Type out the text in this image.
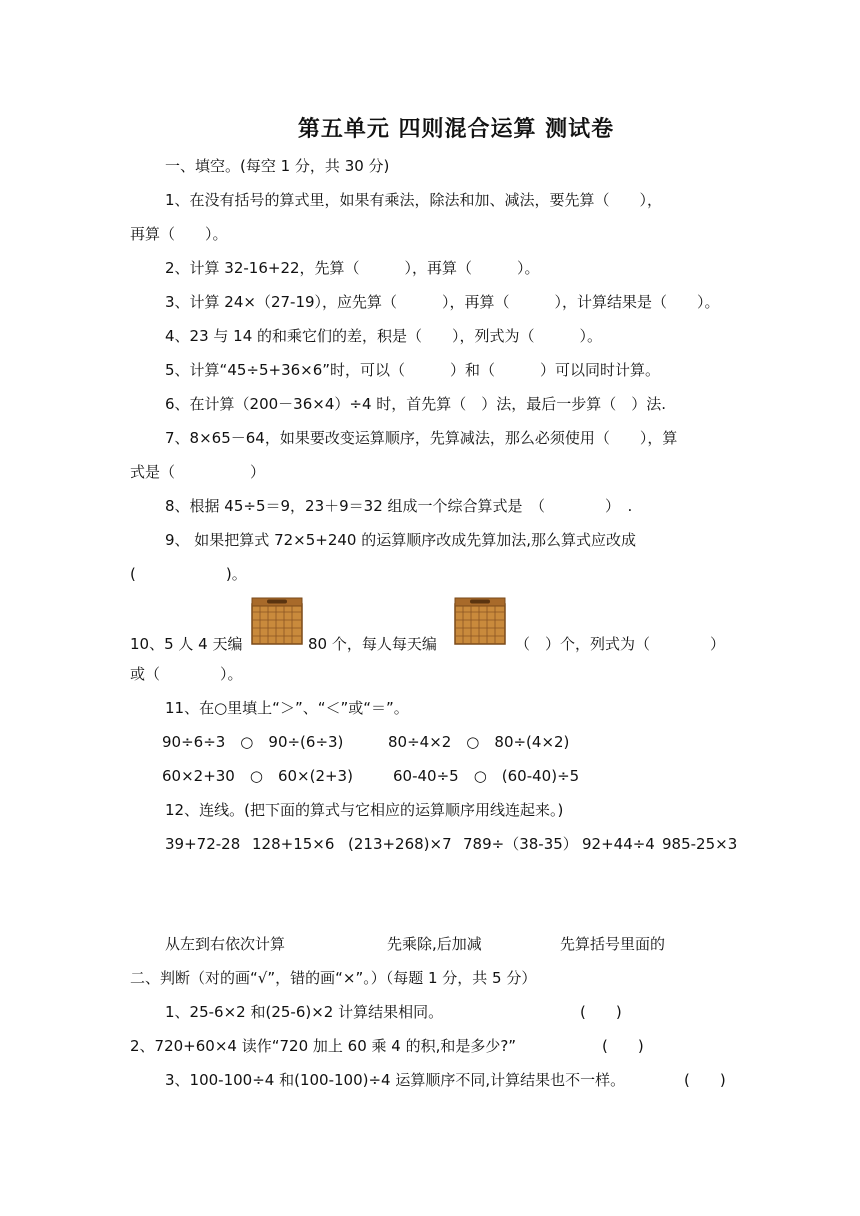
第五单元 四则混合运算 测试卷
一、填空。(每空 1 分，共 30 分)
1、在没有括号的算式里，如果有乘法，除法和加、减法，要先算（　　），
再算（　　）。
2、计算 32-16+22，先算（　　　），再算（　　　）。
3、计算 24×（27-19），应先算（　　　），再算（　　　），计算结果是（　　）。
4、23 与 14 的和乘它们的差，积是（　　），列式为（　　　）。
5、计算“45÷5+36×6”时，可以（　　　）和（　　　）可以同时计算。
6、在计算（200－36×4）÷4 时，首先算（　）法，最后一步算（　）法.
7、8×65－64，如果要改变运算顺序，先算减法，那么必须使用（　　），算
式是（　　　　　）
8、根据 45÷5＝9，23＋9＝32 组成一个综合算式是　（　　　　）　.
9、 如果把算式 72×5+240 的运算顺序改成先算加法,那么算式应改成
(　　　　　　)。
10、5 人 4 天编	80 个，每人每天编	（　）个，列式为（　　　　）
或（　　　　）。
11、在○里填上“＞”、“＜”或“＝”。
90÷6÷3　○　90÷(6÷3)	80÷4×2　○　80÷(4×2)
60×2+30　○　60×(2+3)	60-40÷5　○　(60-40)÷5
12、连线。(把下面的算式与它相应的运算顺序用线连起来。)
39+72-28 128+15×6 (213+268)×7 789÷（38-35） 92+44÷4 985-25×3
从左到右依次计算	先乘除,后加减	先算括号里面的
二、判断（对的画“√”，错的画“×”。）（每题 1 分，共 5 分）
1、25-6×2 和(25-6)×2 计算结果相同。	(　　)
2、720+60×4 读作“720 加上 60 乘 4 的积,和是多少?”	(　　)
3、100-100÷4 和(100-100)÷4 运算顺序不同,计算结果也不一样。	(　　)
